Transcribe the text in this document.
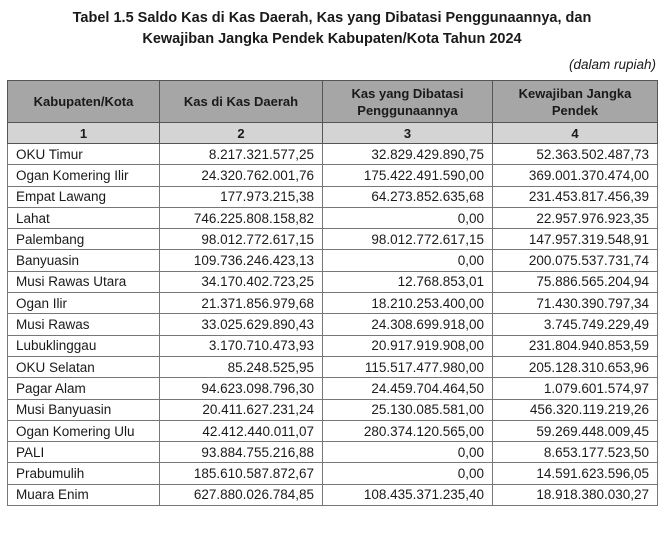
Tabel 1.5 Saldo Kas di Kas Daerah, Kas yang Dibatasi Penggunaannya, dan
Kewajiban Jangka Pendek Kabupaten/Kota Tahun 2024
(dalam rupiah)
Kabupaten/Kota	Kas di Kas Daerah	Kas yang Dibatasi Penggunaannya	Kewajiban Jangka Pendek
1	2	3	4
OKU Timur	8.217.321.577,25	32.829.429.890,75	52.363.502.487,73
Ogan Komering Ilir	24.320.762.001,76	175.422.491.590,00	369.001.370.474,00
Empat Lawang	177.973.215,38	64.273.852.635,68	231.453.817.456,39
Lahat	746.225.808.158,82	0,00	22.957.976.923,35
Palembang	98.012.772.617,15	98.012.772.617,15	147.957.319.548,91
Banyuasin	109.736.246.423,13	0,00	200.075.537.731,74
Musi Rawas Utara	34.170.402.723,25	12.768.853,01	75.886.565.204,94
Ogan Ilir	21.371.856.979,68	18.210.253.400,00	71.430.390.797,34
Musi Rawas	33.025.629.890,43	24.308.699.918,00	3.745.749.229,49
Lubuklinggau	3.170.710.473,93	20.917.919.908,00	231.804.940.853,59
OKU Selatan	85.248.525,95	115.517.477.980,00	205.128.310.653,96
Pagar Alam	94.623.098.796,30	24.459.704.464,50	1.079.601.574,97
Musi Banyuasin	20.411.627.231,24	25.130.085.581,00	456.320.119.219,26
Ogan Komering Ulu	42.412.440.011,07	280.374.120.565,00	59.269.448.009,45
PALI	93.884.755.216,88	0,00	8.653.177.523,50
Prabumulih	185.610.587.872,67	0,00	14.591.623.596,05
Muara Enim	627.880.026.784,85	108.435.371.235,40	18.918.380.030,27
